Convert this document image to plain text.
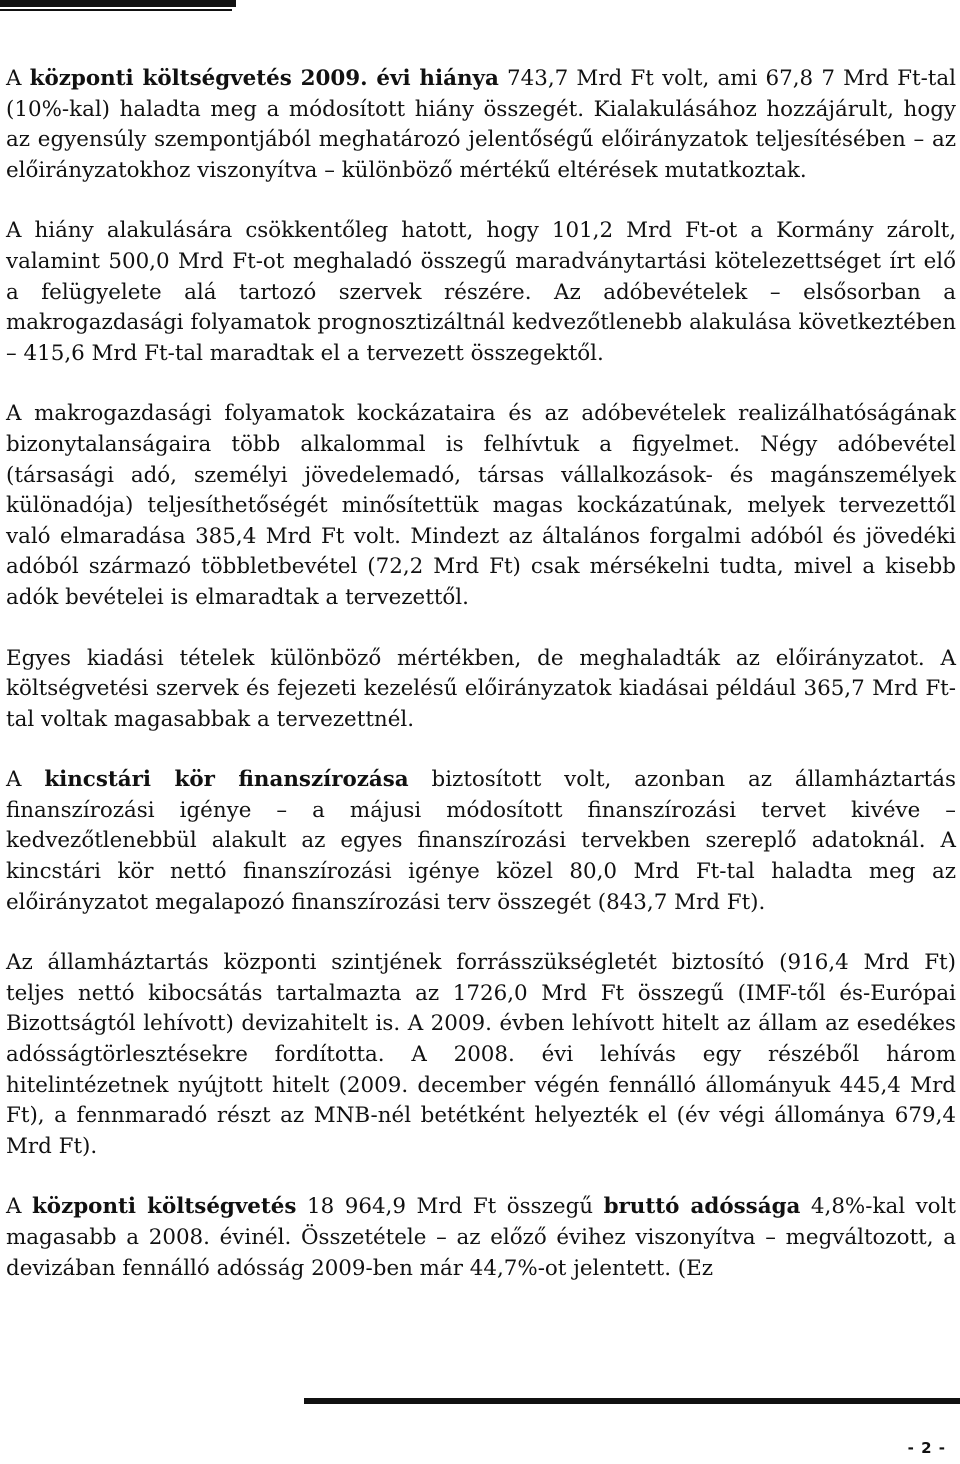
A központi költségvetés 2009. évi hiánya 743,7 Mrd Ft volt, ami 67,8 7 Mrd Ft-tal (10%-kal) haladta meg a módosított hiány összegét. Kialakulásához hozzájárult, hogy az egyensúly szempontjából meghatározó jelentőségű előirányzatok teljesítésében – az előirányzatokhoz viszonyítva – különböző mértékű eltérések mutatkoztak.

A hiány alakulására csökkentőleg hatott, hogy 101,2 Mrd Ft-ot a Kormány zárolt, valamint 500,0 Mrd Ft-ot meghaladó összegű maradványtartási kötelezettséget írt elő a felügyelete alá tartozó szervek részére. Az adóbevételek – elsősorban a makrogazdasági folyamatok prognosztizáltnál kedvezőtlenebb alakulása következtében – 415,6 Mrd Ft-tal maradtak el a tervezett összegektől.

A makrogazdasági folyamatok kockázataira és az adóbevételek realizálhatóságának bizonytalanságaira több alkalommal is felhívtuk a figyelmet. Négy adóbevétel (társasági adó, személyi jövedelemadó, társas vállalkozások- és magánszemélyek különadója) teljesíthetőségét minősítettük magas kockázatúnak, melyek tervezettől való elmaradása 385,4 Mrd Ft volt. Mindezt az általános forgalmi adóból és jövedéki adóból származó többletbevétel (72,2 Mrd Ft) csak mérsékelni tudta, mivel a kisebb adók bevételei is elmaradtak a tervezettől.

Egyes kiadási tételek különböző mértékben, de meghaladták az előirányzatot. A költségvetési szervek és fejezeti kezelésű előirányzatok kiadásai például 365,7 Mrd Ft-tal voltak magasabbak a tervezettnél.

A kincstári kör finanszírozása biztosított volt, azonban az államháztartás finanszírozási igénye – a májusi módosított finanszírozási tervet kivéve – kedvezőtlenebbül alakult az egyes finanszírozási tervekben szereplő adatoknál. A kincstári kör nettó finanszírozási igénye közel 80,0 Mrd Ft-tal haladta meg az előirányzatot megalapozó finanszírozási terv összegét (843,7 Mrd Ft).

Az államháztartás központi szintjének forrásszükségletét biztosító (916,4 Mrd Ft) teljes nettó kibocsátás tartalmazta az 1726,0 Mrd Ft összegű (IMF-től és-Európai Bizottságtól lehívott) devizahitelt is. A 2009. évben lehívott hitelt az állam az esedékes adósságtörlesztésekre fordította. A 2008. évi lehívás egy részéből három hitelintézetnek nyújtott hitelt (2009. december végén fennálló állományuk 445,4 Mrd Ft), a fennmaradó részt az MNB-nél betétként helyezték el (év végi állománya 679,4 Mrd Ft).

A központi költségvetés 18 964,9 Mrd Ft összegű bruttó adóssága 4,8%-kal volt magasabb a 2008. évinél. Összetétele – az előző évihez viszonyítva – megváltozott, a devizában fennálló adósság 2009-ben már 44,7%-ot jelentett. (Ez

- 2 -
